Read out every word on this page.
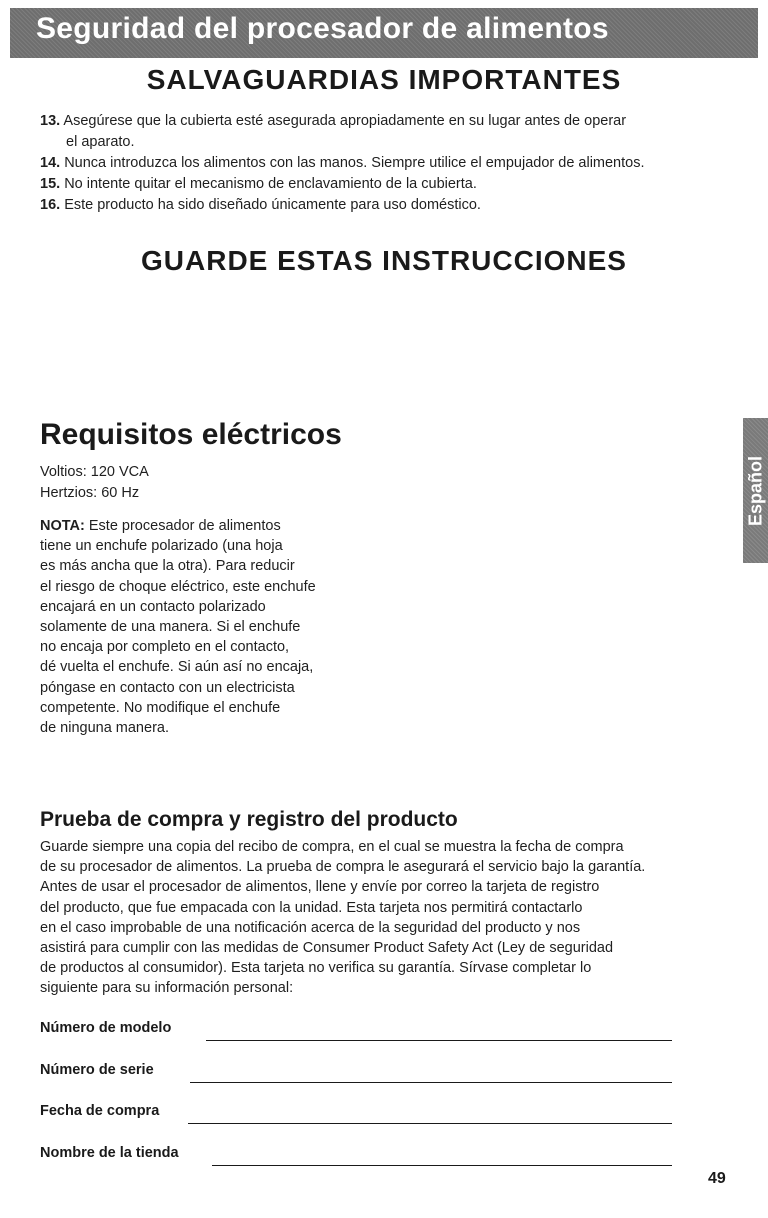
Seguridad del procesador de alimentos
SALVAGUARDIAS IMPORTANTES
13. Asegúrese que la cubierta esté asegurada apropiadamente en su lugar antes de operar
el aparato.
14. Nunca introduzca los alimentos con las manos. Siempre utilice el empujador de alimentos.
15. No intente quitar el mecanismo de enclavamiento de la cubierta.
16. Este producto ha sido diseñado únicamente para uso doméstico.
GUARDE ESTAS INSTRUCCIONES
Requisitos eléctricos

Voltios: 120 VCA

Hertzios: 60 Hz

NOTA: Este procesador de alimentos
tiene un enchufe polarizado (una hoja
es más ancha que la otra). Para reducir
el riesgo de choque eléctrico, este enchufe
encajará en un contacto polarizado
solamente de una manera. Si el enchufe
no encaja por completo en el contacto,
dé vuelta el enchufe. Si aún así no encaja,
póngase en contacto con un electricista
competente. No modifique el enchufe
de ninguna manera.
Prueba de compra y registro del producto
Guarde siempre una copia del recibo de compra, en el cual se muestra la fecha de compra
de su procesador de alimentos. La prueba de compra le asegurará el servicio bajo la garantía.
Antes de usar el procesador de alimentos, llene y envíe por correo la tarjeta de registro
del producto, que fue empacada con la unidad. Esta tarjeta nos permitirá contactarlo
en el caso improbable de una notificación acerca de la seguridad del producto y nos
asistirá para cumplir con las medidas de Consumer Product Safety Act (Ley de seguridad
de productos al consumidor). Esta tarjeta no verifica su garantía. Sírvase completar lo
siguiente para su información personal:
Número de modelo
Número de serie
Fecha de compra
Nombre de la tienda
Español

49
